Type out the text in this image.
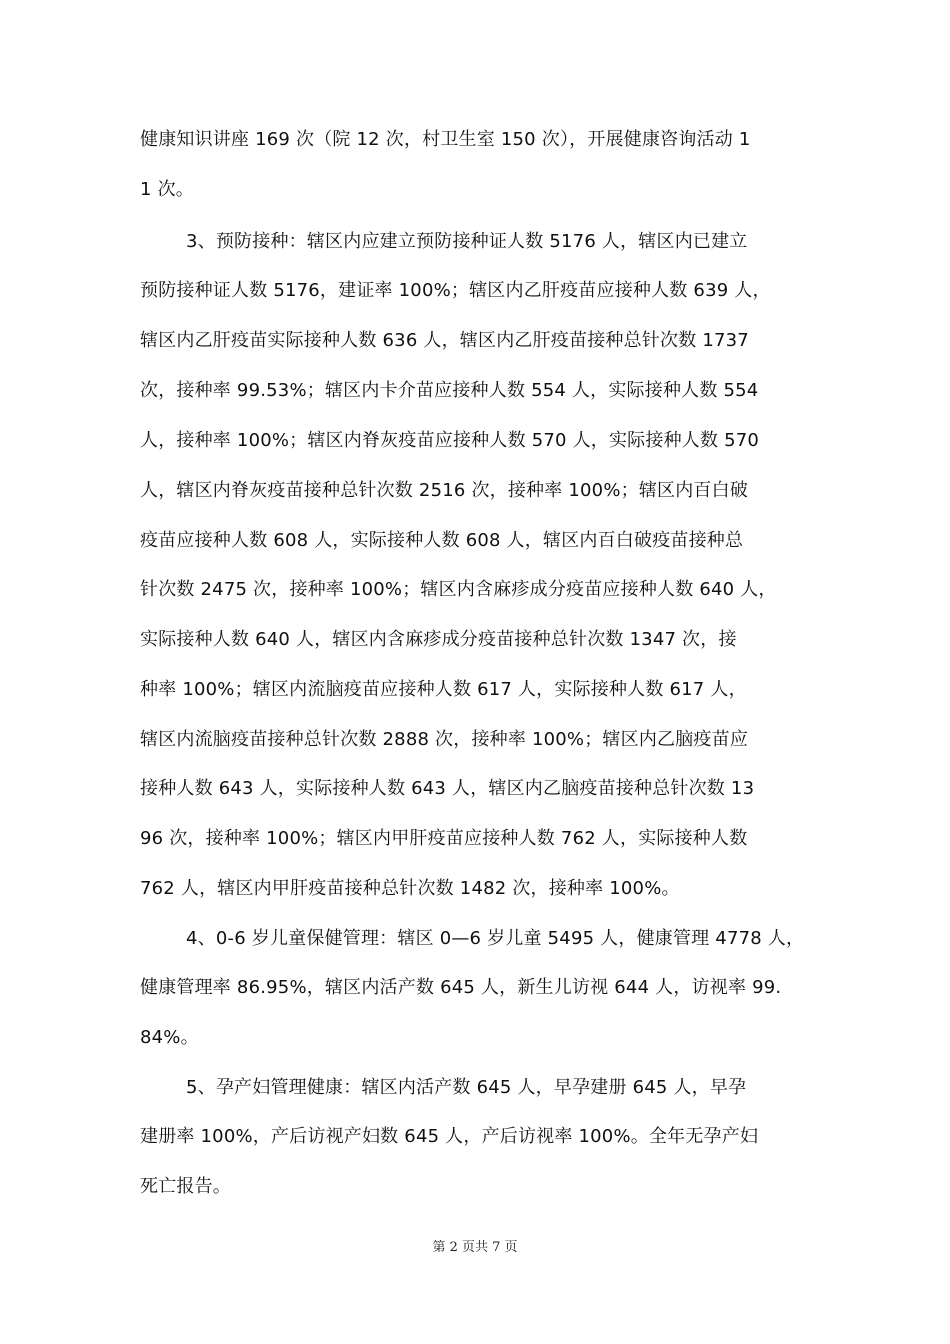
健康知识讲座 169 次（院 12 次，村卫生室 150 次），开展健康咨询活动 1
1 次。
3、预防接种：辖区内应建立预防接种证人数 5176 人，辖区内已建立
预防接种证人数 5176，建证率 100%；辖区内乙肝疫苗应接种人数 639 人，
辖区内乙肝疫苗实际接种人数 636 人，辖区内乙肝疫苗接种总针次数 1737
次，接种率 99.53%；辖区内卡介苗应接种人数 554 人，实际接种人数 554
人，接种率 100%；辖区内脊灰疫苗应接种人数 570 人，实际接种人数 570
人，辖区内脊灰疫苗接种总针次数 2516 次，接种率 100%；辖区内百白破
疫苗应接种人数 608 人，实际接种人数 608 人，辖区内百白破疫苗接种总
针次数 2475 次，接种率 100%；辖区内含麻疹成分疫苗应接种人数 640 人，
实际接种人数 640 人，辖区内含麻疹成分疫苗接种总针次数 1347 次，接
种率 100%；辖区内流脑疫苗应接种人数 617 人，实际接种人数 617 人，
辖区内流脑疫苗接种总针次数 2888 次，接种率 100%；辖区内乙脑疫苗应
接种人数 643 人，实际接种人数 643 人，辖区内乙脑疫苗接种总针次数 13
96 次，接种率 100%；辖区内甲肝疫苗应接种人数 762 人，实际接种人数
762 人，辖区内甲肝疫苗接种总针次数 1482 次，接种率 100%。
4、0-6 岁儿童保健管理：辖区 0—6 岁儿童 5495 人，健康管理 4778 人，
健康管理率 86.95%，辖区内活产数 645 人，新生儿访视 644 人，访视率 99.
84%。
5、孕产妇管理健康：辖区内活产数 645 人，早孕建册 645 人，早孕
建册率 100%，产后访视产妇数 645 人，产后访视率 100%。全年无孕产妇
死亡报告。
第 2 页共 7 页
